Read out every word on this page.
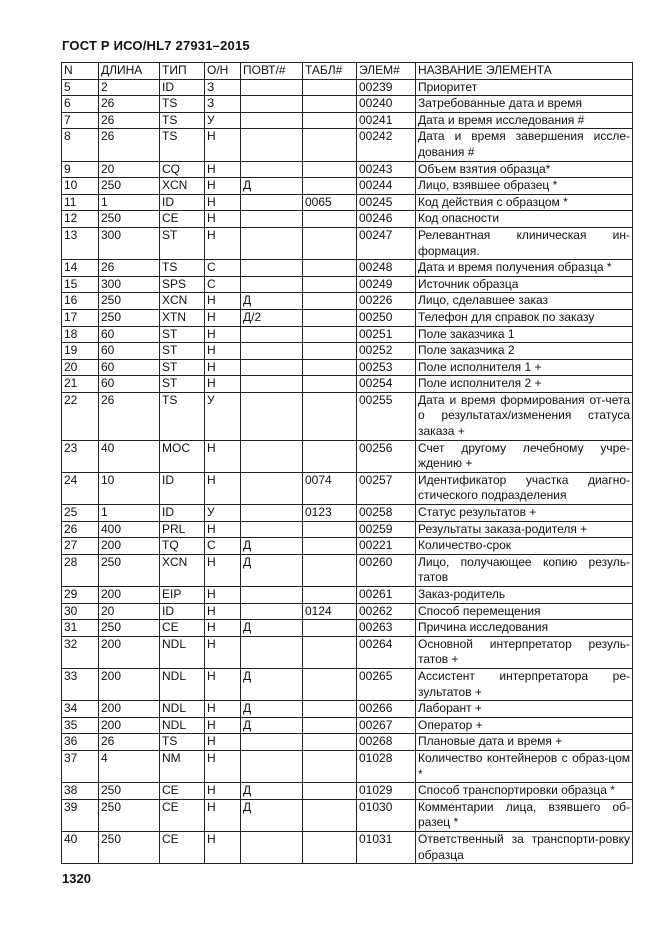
ГОСТ Р ИСО/HL7 27931–2015
N	ДЛИНА	ТИП	О/Н	ПОВТ/#	ТАБЛ#	ЭЛЕМ#	НАЗВАНИЕ ЭЛЕМЕНТА
5	2	ID	З			00239	Приоритет
6	26	TS	З			00240	Затребованные дата и время
7	26	TS	У			00241	Дата и время исследования #
8	26	TS	Н			00242	Дата и время завершения иссле-дования #
9	20	CQ	Н			00243	Объем взятия образца*
10	250	XCN	Н	Д		00244	Лицо, взявшее образец *
11	1	ID	Н		0065	00245	Код действия с образцом *
12	250	CE	Н			00246	Код опасности
13	300	ST	Н			00247	Релевантная клиническая ин-формация.
14	26	TS	С			00248	Дата и время получения образца *
15	300	SPS	С			00249	Источник образца
16	250	XCN	Н	Д		00226	Лицо, сделавшее заказ
17	250	XTN	Н	Д/2		00250	Телефон для справок по заказу
18	60	ST	Н			00251	Поле заказчика 1
19	60	ST	Н			00252	Поле заказчика 2
20	60	ST	Н			00253	Поле исполнителя 1 +
21	60	ST	Н			00254	Поле исполнителя 2 +
22	26	TS	У			00255	Дата и время формирования от-чета о результатах/изменения статуса заказа +
23	40	MOC	Н			00256	Счет другому лечебному учре-ждению +
24	10	ID	Н		0074	00257	Идентификатор участка диагно-стического подразделения
25	1	ID	У		0123	00258	Статус результатов +
26	400	PRL	Н			00259	Результаты заказа-родителя +
27	200	TQ	С	Д		00221	Количество-срок
28	250	XCN	Н	Д		00260	Лицо, получающее копию резуль-татов
29	200	EIP	Н			00261	Заказ-родитель
30	20	ID	Н		0124	00262	Способ перемещения
31	250	CE	Н	Д		00263	Причина исследования
32	200	NDL	Н			00264	Основной интерпретатор резуль-татов +
33	200	NDL	Н	Д		00265	Ассистент интерпретатора ре-зультатов +
34	200	NDL	Н	Д		00266	Лаборант +
35	200	NDL	Н	Д		00267	Оператор +
36	26	TS	Н			00268	Плановые дата и время +
37	4	NM	Н			01028	Количество контейнеров с образ-цом *
38	250	CE	Н	Д		01029	Способ транспортировки образца *
39	250	CE	Н	Д		01030	Комментарии лица, взявшего об-разец *
40	250	CE	Н			01031	Ответственный за транспорти-ровку образца
1320
